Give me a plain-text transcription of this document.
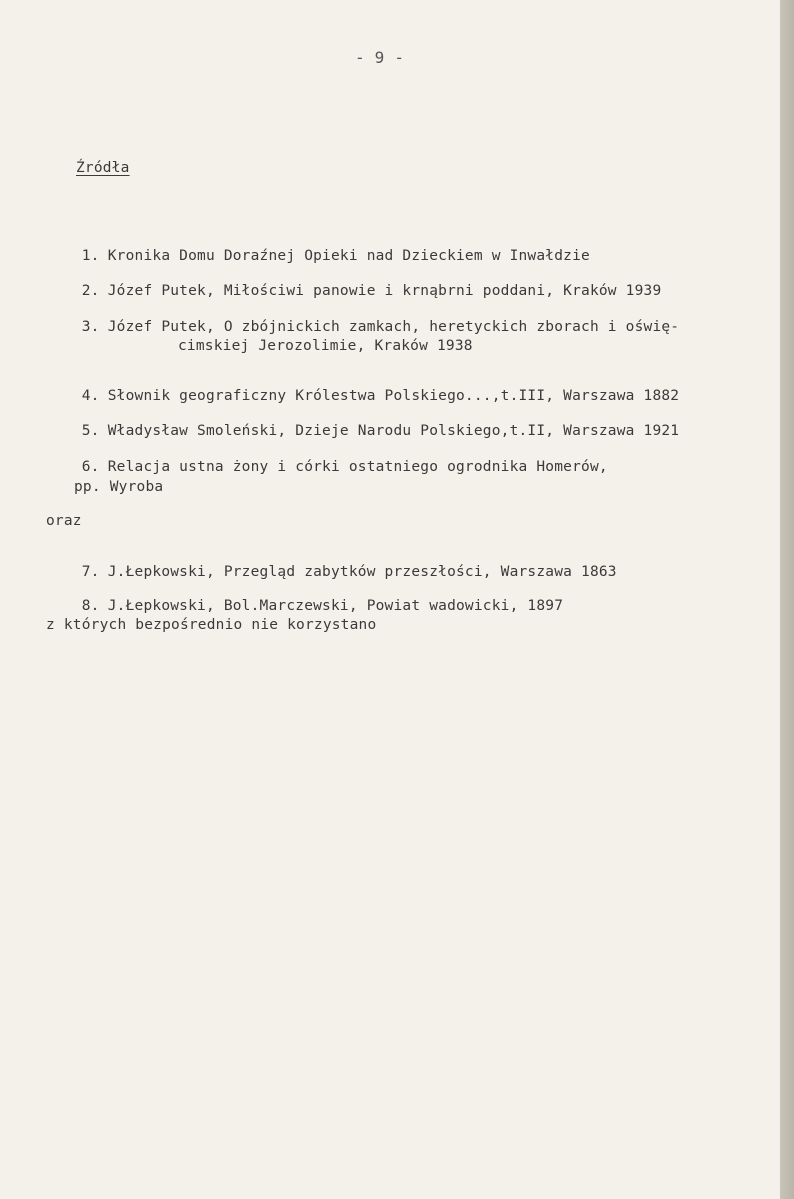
- 9 -
Źródła

1. Kronika Domu Doraźnej Opieki nad Dzieckiem w Inwałdzie

2. Józef Putek, Miłościwi panowie i krnąbrni poddani, Kraków 1939

3. Józef Putek, O zbójnickich zamkach, heretyckich zborach i oświę-

cimskiej Jerozolimie, Kraków 1938

4. Słownik geograficzny Królestwa Polskiego...,t.III, Warszawa 1882

5. Władysław Smoleński, Dzieje Narodu Polskiego,t.II, Warszawa 1921

6. Relacja ustna żony i córki ostatniego ogrodnika Homerów,

pp. Wyroba
oraz

7. J.Łepkowski, Przegląd zabytków przeszłości, Warszawa 1863

8. J.Łepkowski, Bol.Marczewski, Powiat wadowicki, 1897

z których bezpośrednio nie korzystano
